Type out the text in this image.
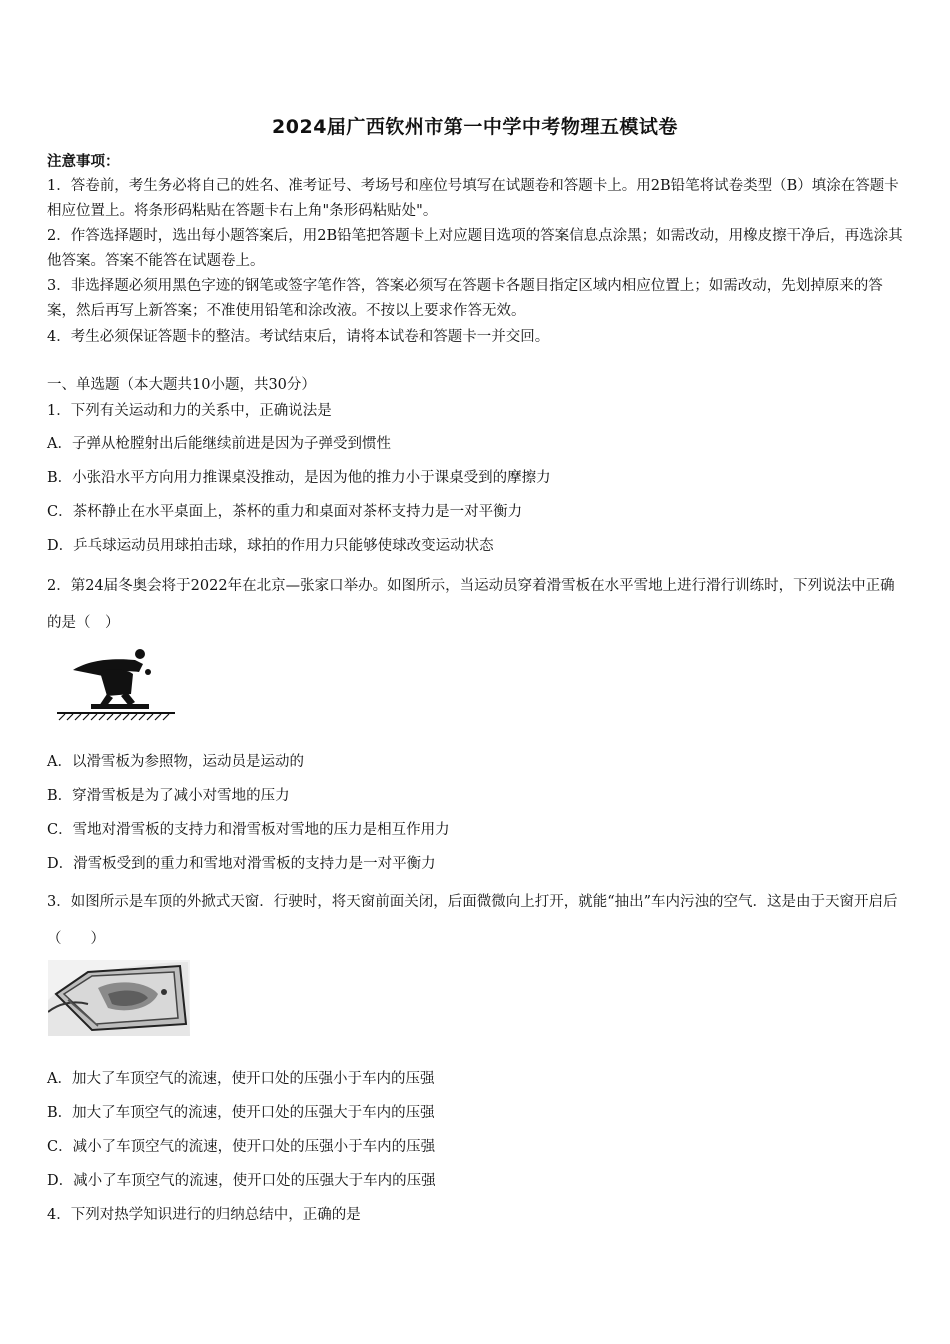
2024届广西钦州市第一中学中考物理五模试卷
注意事项：
1．答卷前，考生务必将自己的姓名、准考证号、考场号和座位号填写在试题卷和答题卡上。用2B铅笔将试卷类型（B）填涂在答题卡相应位置上。将条形码粘贴在答题卡右上角"条形码粘贴处"。
2．作答选择题时，选出每小题答案后，用2B铅笔把答题卡上对应题目选项的答案信息点涂黑；如需改动，用橡皮擦干净后，再选涂其他答案。答案不能答在试题卷上。
3．非选择题必须用黑色字迹的钢笔或签字笔作答，答案必须写在答题卡各题目指定区域内相应位置上；如需改动，先划掉原来的答案，然后再写上新答案；不准使用铅笔和涂改液。不按以上要求作答无效。
4．考生必须保证答题卡的整洁。考试结束后，请将本试卷和答题卡一并交回。
一、单选题（本大题共10小题，共30分）
1．下列有关运动和力的关系中，正确说法是
A．子弹从枪膛射出后能继续前进是因为子弹受到惯性
B．小张沿水平方向用力推课桌没推动，是因为他的推力小于课桌受到的摩擦力
C．茶杯静止在水平桌面上，茶杯的重力和桌面对茶杯支持力是一对平衡力
D．乒乓球运动员用球拍击球，球拍的作用力只能够使球改变运动状态
2．第24届冬奥会将于2022年在北京—张家口举办。如图所示，当运动员穿着滑雪板在水平雪地上进行滑行训练时，下列说法中正确的是（　）
A．以滑雪板为参照物，运动员是运动的
B．穿滑雪板是为了减小对雪地的压力
C．雪地对滑雪板的支持力和滑雪板对雪地的压力是相互作用力
D．滑雪板受到的重力和雪地对滑雪板的支持力是一对平衡力
3．如图所示是车顶的外掀式天窗．行驶时，将天窗前面关闭，后面微微向上打开，就能“抽出”车内污浊的空气．这是由于天窗开启后（　　）
A．加大了车顶空气的流速，使开口处的压强小于车内的压强
B．加大了车顶空气的流速，使开口处的压强大于车内的压强
C．减小了车顶空气的流速，使开口处的压强小于车内的压强
D．减小了车顶空气的流速，使开口处的压强大于车内的压强
4．下列对热学知识进行的归纳总结中，正确的是
